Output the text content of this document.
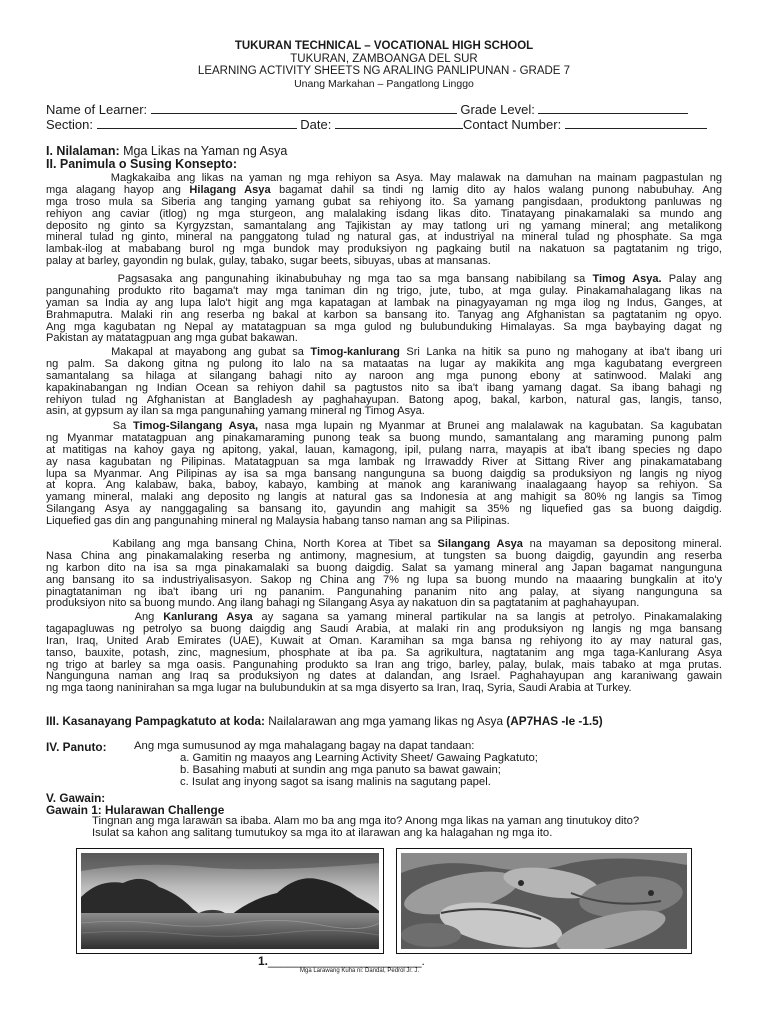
TUKURAN TECHNICAL – VOCATIONAL HIGH SCHOOL
TUKURAN, ZAMBOANGA DEL SUR
LEARNING ACTIVITY SHEETS NG ARALING PANLIPUNAN - GRADE 7
Unang Markahan – Pangatlong Linggo
Name of Learner:	Grade Level:
Section:	Date:	Contact Number:
I. Nilalaman: Mga Likas na Yaman ng Asya
II. Panimula o Susing Konsepto:
Magkakaiba ang likas na yaman ng mga rehiyon sa Asya. May malawak na damuhan na mainam pagpastulan ng
mga alagang hayop ang Hilagang Asya bagamat dahil sa tindi ng lamig dito ay halos walang punong nabubuhay. Ang
mga troso mula sa Siberia ang tanging yamang gubat sa rehiyong ito. Sa yamang pangisdaan, produktong panluwas ng
rehiyon ang caviar (itlog) ng mga sturgeon, ang malalaking isdang likas dito. Tinatayang pinakamalaki sa mundo ang
deposito ng ginto sa Kyrgyzstan, samantalang ang Tajikistan ay may tatlong uri ng yamang mineral; ang metalikong
mineral tulad ng ginto, mineral na panggatong tulad ng natural gas, at industriyal na mineral tulad ng phosphate. Sa mga
lambak-ilog at mababang burol ng mga bundok may produksiyon ng pagkaing butil na nakatuon sa pagtatanim ng trigo,
palay at barley, gayondin ng bulak, gulay, tabako, sugar beets, sibuyas, ubas at mansanas.
Pagsasaka ang pangunahing ikinabubuhay ng mga tao sa mga bansang nabibilang sa Timog Asya. Palay ang
pangunahing produkto rito bagama't may mga taniman din ng trigo, jute, tubo, at mga gulay. Pinakamahalagang likas na
yaman sa India ay ang lupa lalo't higit ang mga kapatagan at lambak na pinagyayaman ng mga ilog ng Indus, Ganges, at
Brahmaputra. Malaki rin ang reserba ng bakal at karbon sa bansang ito. Tanyag ang Afghanistan sa pagtatanim ng opyo.
Ang mga kagubatan ng Nepal ay matatagpuan sa mga gulod ng bulubunduking Himalayas. Sa mga baybaying dagat ng
Pakistan ay matatagpuan ang mga gubat bakawan.
Makapal at mayabong ang gubat sa Timog-kanlurang Sri Lanka na hitik sa puno ng mahogany at iba't ibang uri
ng palm. Sa dakong gitna ng pulong ito lalo na sa mataatas na lugar ay makikita ang mga kagubatang evergreen
samantalang sa hilaga at silangang bahagi nito ay naroon ang mga punong ebony at satinwood. Malaki ang
kapakinabangan ng Indian Ocean sa rehiyon dahil sa pagtustos nito sa iba't ibang yamang dagat. Sa ibang bahagi ng
rehiyon tulad ng Afghanistan at Bangladesh ay paghahayupan. Batong apog, bakal, karbon, natural gas, langis, tanso,
asin, at gypsum ay ilan sa mga pangunahing yamang mineral ng Timog Asya.
Sa Timog-Silangang Asya, nasa mga lupain ng Myanmar at Brunei ang malalawak na kagubatan. Sa kagubatan
ng Myanmar matatagpuan ang pinakamaraming punong teak sa buong mundo, samantalang ang maraming punong palm
at matitigas na kahoy gaya ng apitong, yakal, lauan, kamagong, ipil, pulang narra, mayapis at iba't ibang species ng dapo
ay nasa kagubatan ng Pilipinas. Matatagpuan sa mga lambak ng Irrawaddy River at Sittang River ang pinakamatabang
lupa sa Myanmar. Ang Pilipinas ay isa sa mga bansang nangunguna sa buong daigdig sa produksiyon ng langis ng niyog
at kopra. Ang kalabaw, baka, baboy, kabayo, kambing at manok ang karaniwang inaalagaang hayop sa rehiyon. Sa
yamang mineral, malaki ang deposito ng langis at natural gas sa Indonesia at ang mahigit sa 80% ng langis sa Timog
Silangang Asya ay nanggagaling sa bansang ito, gayundin ang mahigit sa 35% ng liquefied gas sa buong daigdig.
Liquefied gas din ang pangunahing mineral ng Malaysia habang tanso naman ang sa Pilipinas.
Kabilang ang mga bansang China, North Korea at Tibet sa Silangang Asya na mayaman sa depositong mineral.
Nasa China ang pinakamalaking reserba ng antimony, magnesium, at tungsten sa buong daigdig, gayundin ang reserba
ng karbon dito na isa sa mga pinakamalaki sa buong daigdig. Salat sa yamang mineral ang Japan bagamat nangunguna
ang bansang ito sa industriyalisasyon. Sakop ng China ang 7% ng lupa sa buong mundo na maaaring bungkalin at ito'y
pinagtataniman ng iba't ibang uri ng pananim. Pangunahing pananim nito ang palay, at siyang nangunguna sa
produksiyon nito sa buong mundo. Ang ilang bahagi ng Silangang Asya ay nakatuon din sa pagtatanim at paghahayupan.
Ang Kanlurang Asya ay sagana sa yamang mineral partikular na sa langis at petrolyo. Pinakamalaking
tagapagluwas ng petrolyo sa buong daigdig ang Saudi Arabia, at malaki rin ang produksiyon ng langis ng mga bansang
Iran, Iraq, United Arab Emirates (UAE), Kuwait at Oman. Karamihan sa mga bansa ng rehiyong ito ay may natural gas,
tanso, bauxite, potash, zinc, magnesium, phosphate at iba pa. Sa agrikultura, nagtatanim ang mga taga-Kanlurang Asya
ng trigo at barley sa mga oasis. Pangunahing produkto sa Iran ang trigo, barley, palay, bulak, mais tabako at mga prutas.
Nangunguna naman ang Iraq sa produksiyon ng dates at dalandan, ang Israel. Paghahayupan ang karaniwang gawain
ng mga taong naninirahan sa mga lugar na bulubundukin at sa mga disyerto sa Iran, Iraq, Syria, Saudi Arabia at Turkey.
III. Kasanayang Pampagkatuto at koda: Nailalarawan ang mga yamang likas ng Asya (AP7HAS -Ie -1.5)
IV. Panuto: Ang mga sumusunod ay mga mahalagang bagay na dapat tandaan:
a. Gamitin ng maayos ang Learning Activity Sheet/ Gawaing Pagkatuto;
b. Basahing mabuti at sundin ang mga panuto sa bawat gawain;
c. Isulat ang inyong sagot sa isang malinis na sagutang papel.
V. Gawain:
Gawain 1: Hularawan Challenge
Tingnan ang mga larawan sa ibaba. Alam mo ba ang mga ito? Anong mga likas na yaman ang tinutukoy dito?
Isulat sa kahon ang salitang tumutukoy sa mga ito at ilarawan ang ka halagahan ng mga ito.
1._______________________.
Mga Larawang Kuha ni: Dandal, Pedrol Jr. J.
